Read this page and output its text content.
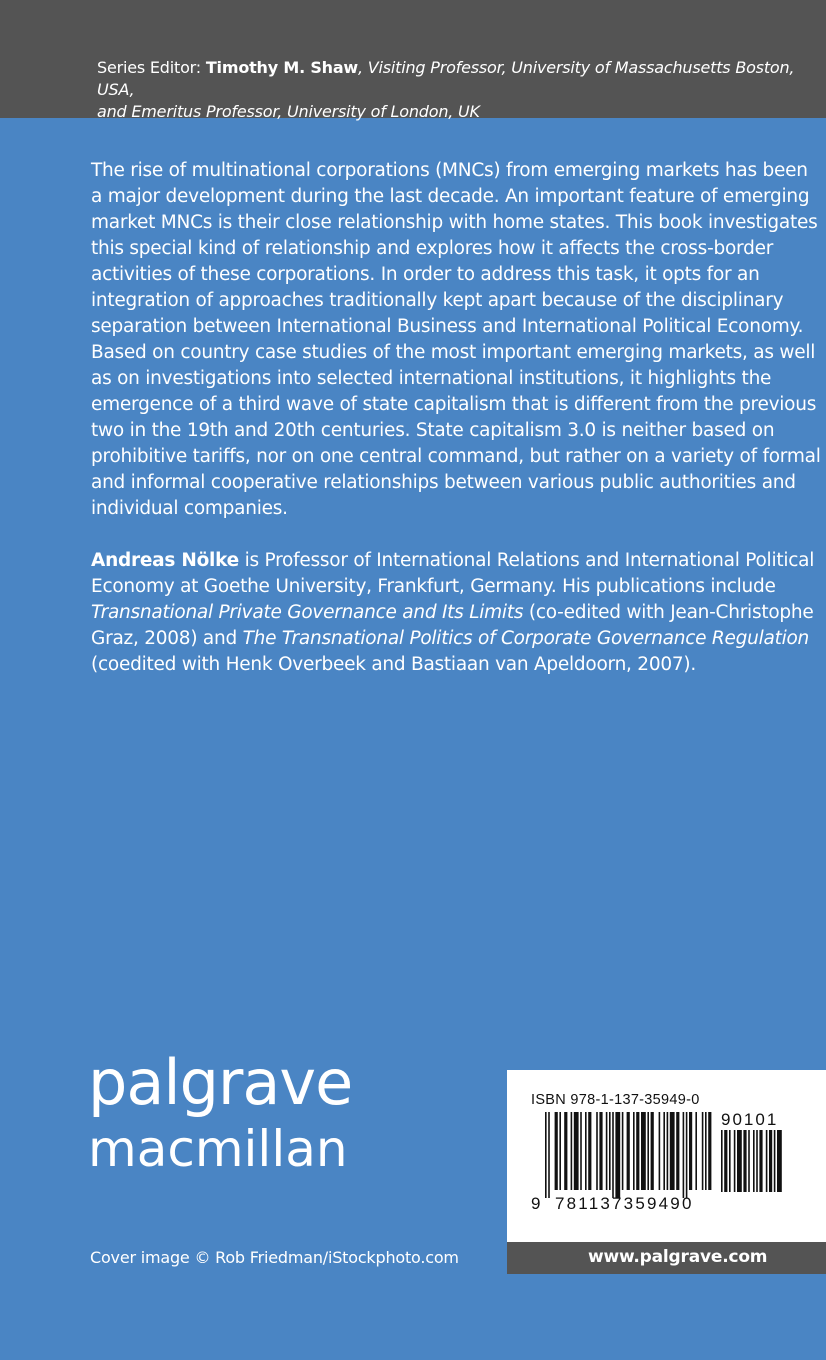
Series Editor: Timothy M. Shaw, Visiting Professor, University of Massachusetts Boston, USA,
and Emeritus Professor, University of London, UK

The rise of multinational corporations (MNCs) from emerging markets has been a major development during the last decade. An important feature of emerging market MNCs is their close relationship with home states. This book investigates this special kind of relationship and explores how it affects the cross-border activities of these corporations. In order to address this task, it opts for an integration of approaches traditionally kept apart because of the disciplinary separation between International Business and International Political Economy. Based on country case studies of the most important emerging markets, as well as on investigations into selected international institutions, it highlights the emergence of a third wave of state capitalism that is different from the previous two in the 19th and 20th centuries. State capitalism 3.0 is neither based on prohibitive tariffs, nor on one central command, but rather on a variety of formal and informal cooperative relationships between various public authorities and individual companies.

Andreas Nölke is Professor of International Relations and International Political Economy at Goethe University, Frankfurt, Germany. His publications include Transnational Private Governance and Its Limits (co-edited with Jean-Christophe Graz, 2008) and The Transnational Politics of Corporate Governance Regulation (coedited with Henk Overbeek and Bastiaan van Apeldoorn, 2007).

palgrave
macmillan
Cover image © Rob Friedman/iStockphoto.com
ISBN 978-1-137-35949-0
90101
9 781137359490
www.palgrave.com
